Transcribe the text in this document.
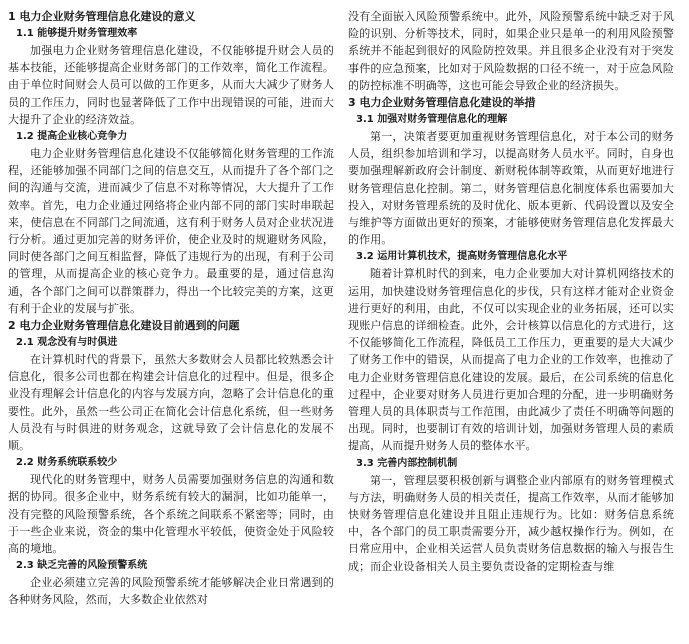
1 电力企业财务管理信息化建设的意义

1.1 能够提升财务管理效率

加强电力企业财务管理信息化建设，不仅能够提升财会人员的基本技能，还能够提高企业财务部门的工作效率，简化工作流程。由于单位时间财会人员可以做的工作更多，从而大大减少了财务人员的工作压力，同时也显著降低了工作中出现错误的可能，进而大大提升了企业的经济效益。

1.2 提高企业核心竞争力

电力企业财务管理信息化建设不仅能够简化财务管理的工作流程，还能够加强不同部门之间的信息交互，从而提升了各个部门之间的沟通与交流，进而减少了信息不对称等情况，大大提升了工作效率。首先，电力企业通过网络将企业内部不同的部门实时串联起来，使信息在不同部门之间流通，这有利于财务人员对企业状况进行分析。通过更加完善的财务评价，使企业及时的规避财务风险，同时使各部门之间互相监督，降低了违规行为的出现，有利于公司的管理，从而提高企业的核心竞争力。最重要的是，通过信息沟通，各个部门之间可以群策群力，得出一个比较完美的方案，这更有利于企业的发展与扩张。

2 电力企业财务管理信息化建设目前遇到的问题

2.1 观念没有与时俱进

在计算机时代的背景下，虽然大多数财会人员都比较熟悉会计信息化，很多公司也都在构建会计信息化的过程中。但是，很多企业没有理解会计信息化的内容与发展方向，忽略了会计信息化的重要性。此外，虽然一些公司正在简化会计信息化系统，但一些财务人员没有与时俱进的财务观念，这就导致了会计信息化的发展不顺。

2.2 财务系统联系较少

现代化的财务管理中，财务人员需要加强财务信息的沟通和数据的协同。很多企业中，财务系统有较大的漏洞，比如功能单一，没有完整的风险预警系统，各个系统之间联系不紧密等；同时，由于一些企业来说，资金的集中化管理水平较低，使资金处于风险较高的境地。

2.3 缺乏完善的风险预警系统

企业必须建立完善的风险预警系统才能够解决企业日常遇到的各种财务风险，然而，大多数企业依然对

没有全面嵌入风险预警系统中。此外，风险预警系统中缺乏对于风险的识别、分析等技术，同时，如果企业只是单一的利用风险预警系统并不能起到很好的风险防控效果。并且很多企业没有对于突发事件的应急预案，比如对于风险数据的口径不统一，对于应急风险的防控标准不明确等，这也可能会导致企业的经济损失。

3 电力企业财务管理信息化建设的举措

3.1 加强对财务管理信息化的理解

第一，决策者要更加重视财务管理信息化，对于本公司的财务人员，组织参加培训和学习，以提高财务人员水平。同时，自身也要加强理解新政府会计制度、新财税体制等政策，从而更好地进行财务管理信息化控制。第二，财务管理信息化制度体系也需要加大投入，对财务管理系统的及时优化、版本更新、代码设置以及安全与维护等方面做出更好的预案，才能够使财务管理信息化发挥最大的作用。

3.2 运用计算机技术，提高财务管理信息化水平

随着计算机时代的到来，电力企业要加大对计算机网络技术的运用，加快建设财务管理信息化的步伐，只有这样才能对企业资金进行更好的利用，由此，不仅可以实现企业的业务拓展，还可以实现账户信息的详细检查。此外，会计核算以信息化的方式进行，这不仅能够简化工作流程，降低员工工作压力，更重要的是大大减少了财务工作中的错误，从而提高了电力企业的工作效率，也推动了电力企业财务管理信息化建设的发展。最后，在公司系统的信息化过程中，企业要对财务人员进行更加合理的分配，进一步明确财务管理人员的具体职责与工作范围，由此减少了责任不明确等问题的出现。同时，也要制订有效的培训计划，加强财务管理人员的素质提高，从而提升财务人员的整体水平。

3.3 完善内部控制机制

第一，管理层要积极创新与调整企业内部原有的财务管理模式与方法，明确财务人员的相关责任，提高工作效率，从而才能够加快财务管理信息化建设并且阻止违规行为。比如：财务信息系统中，各个部门的员工职责需要分开，减少越权操作行为。例如，在日常应用中，企业相关运营人员负责财务信息数据的输入与报告生成；而企业设备相关人员主要负责设备的定期检查与维
